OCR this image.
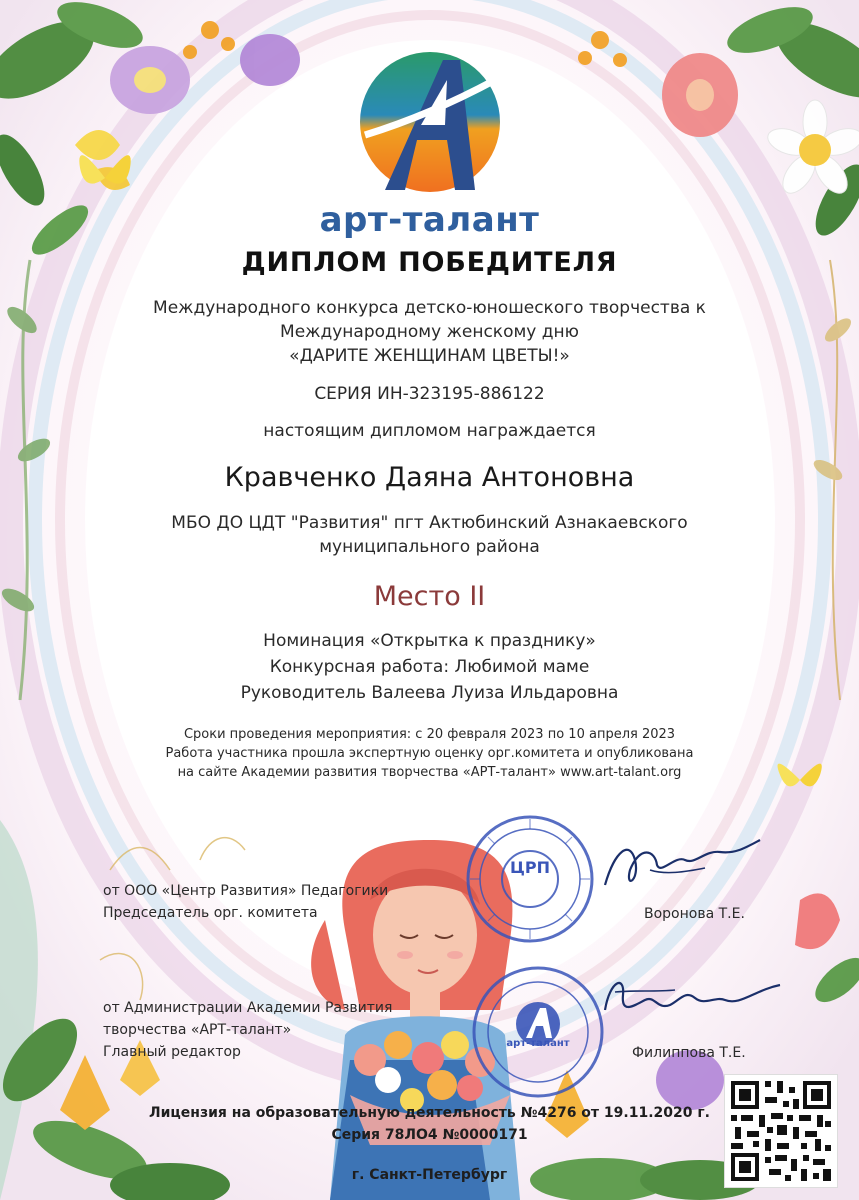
арт-талант
ДИПЛОМ ПОБЕДИТЕЛЯ
Международного конкурса детско-юношеского творчества к
Международному женскому дню
«ДАРИТЕ ЖЕНЩИНАМ ЦВЕТЫ!»
СЕРИЯ ИН-323195-886122
настоящим дипломом награждается
Кравченко Даяна Антоновна
МБО ДО ЦДТ "Развития" пгт Актюбинский Азнакаевского
муниципального района
Место II
Номинация «Открытка к празднику»
Конкурсная работа: Любимой маме
Руководитель Валеева Луиза Ильдаровна
Сроки проведения мероприятия: с 20 февраля 2023 по 10 апреля 2023
Работа участника прошла экспертную оценку орг.комитета и опубликована
на сайте Академии развития творчества «АРТ-талант» www.art-talant.org
от ООО «Центр Развития» Педагогики
Председатель орг. комитета	Воронова Т.Е.
ЦРП
от Администрации Академии Развития
творчества «АРТ-талант»
Главный редактор	Филиппова Т.Е.
арт-талант
Лицензия на образовательную деятельность №4276 от 19.11.2020 г.
Серия 78ЛО4 №0000171
г. Санкт-Петербург
